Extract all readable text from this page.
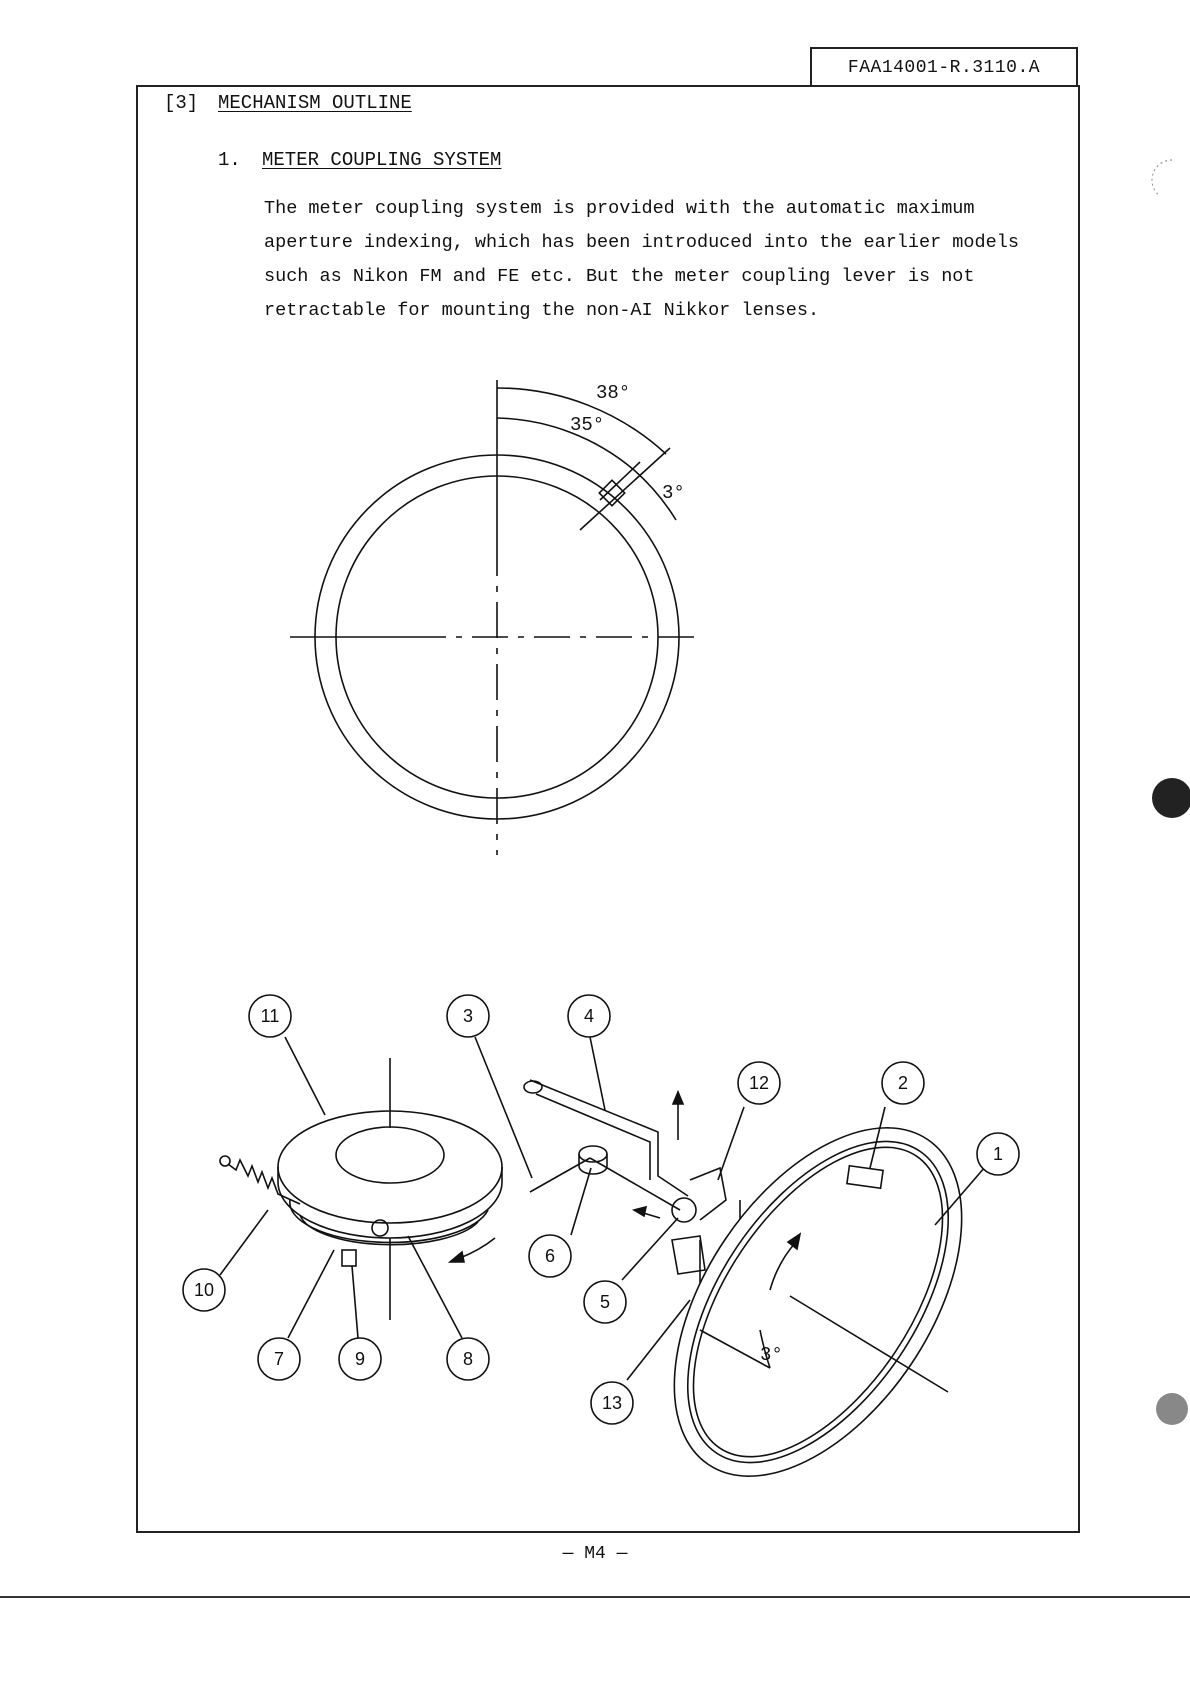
FAA14001-R.3110.A
[3] MECHANISM OUTLINE
1. METER COUPLING SYSTEM

The meter coupling system is provided with the automatic maximum

aperture indexing, which has been introduced into the earlier models

such as Nikon FM and FE etc. But the meter coupling lever is not

retractable for mounting the non-AI Nikkor lenses.

38°
35°
3°
11	3	4
12	2
1
10
6
5
7	9	8
13
3°
— M4 —
